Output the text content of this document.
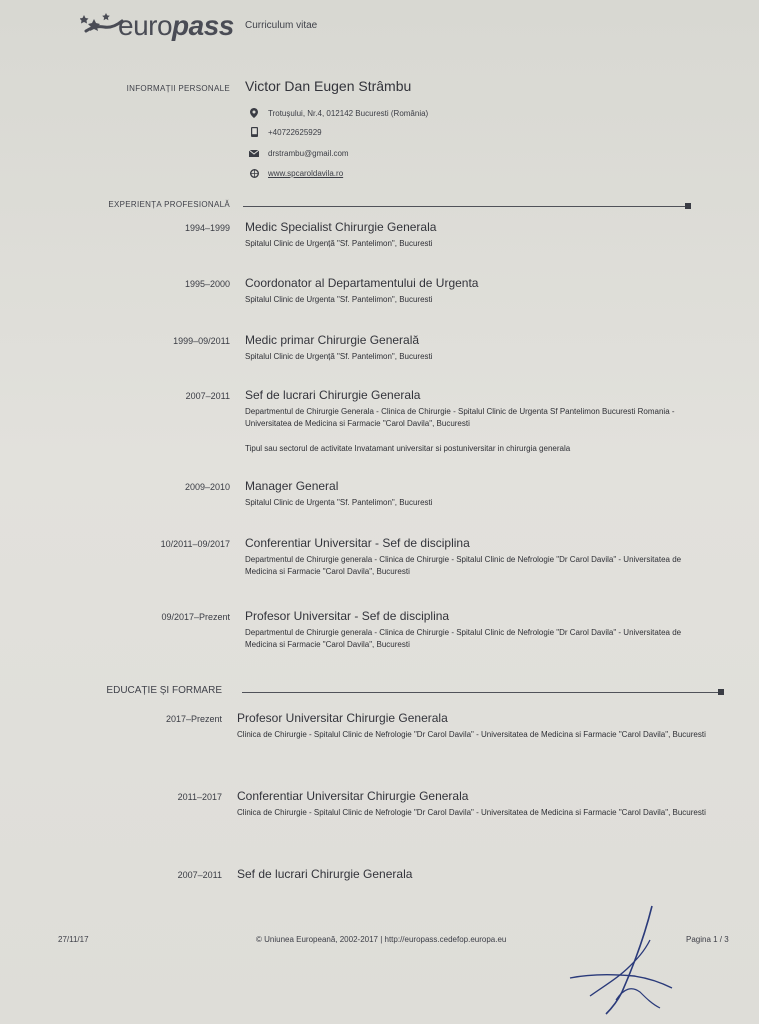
europass Curriculum vitae
INFORMAȚII PERSONALE Victor Dan Eugen Strâmbu
Trotușului, Nr.4, 012142 Bucuresti (România)
+40722625929
drstrambu@gmail.com
www.spcaroldavila.ro
EXPERIENȚA PROFESIONALĂ
1994–1999 Medic Specialist Chirurgie Generala
Spitalul Clinic de Urgență "Sf. Pantelimon", Bucuresti
1995–2000 Coordonator al Departamentului de Urgenta
Spitalul Clinic de Urgenta "Sf. Pantelimon", Bucuresti
1999–09/2011 Medic primar Chirurgie Generală
Spitalul Clinic de Urgență "Sf. Pantelimon", Bucuresti
2007–2011 Sef de lucrari Chirurgie Generala
Departmentul de Chirurgie Generala - Clinica de Chirurgie - Spitalul Clinic de Urgenta Sf Pantelimon Bucuresti Romania - Universitatea de Medicina si Farmacie "Carol Davila", Bucuresti
Tipul sau sectorul de activitate Invatamant universitar si postuniversitar in chirurgia generala
2009–2010 Manager General
Spitalul Clinic de Urgenta "Sf. Pantelimon", Bucuresti
10/2011–09/2017 Conferentiar Universitar - Sef de disciplina
Departmentul de Chirurgie generala - Clinica de Chirurgie - Spitalul Clinic de Nefrologie "Dr Carol Davila" - Universitatea de Medicina si Farmacie "Carol Davila", Bucuresti
09/2017–Prezent Profesor Universitar - Sef de disciplina
Departmentul de Chirurgie generala - Clinica de Chirurgie - Spitalul Clinic de Nefrologie "Dr Carol Davila" - Universitatea de Medicina si Farmacie "Carol Davila", Bucuresti
EDUCAȚIE ȘI FORMARE
2017–Prezent Profesor Universitar Chirurgie Generala
Clinica de Chirurgie - Spitalul Clinic de Nefrologie "Dr Carol Davila" - Universitatea de Medicina si Farmacie "Carol Davila", Bucuresti
2011–2017 Conferentiar Universitar Chirurgie Generala
Clinica de Chirurgie - Spitalul Clinic de Nefrologie "Dr Carol Davila" - Universitatea de Medicina si Farmacie "Carol Davila", Bucuresti
2007–2011 Sef de lucrari Chirurgie Generala
27/11/17	© Uniunea Europeană, 2002-2017 | http://europass.cedefop.europa.eu	Pagina 1 / 3
